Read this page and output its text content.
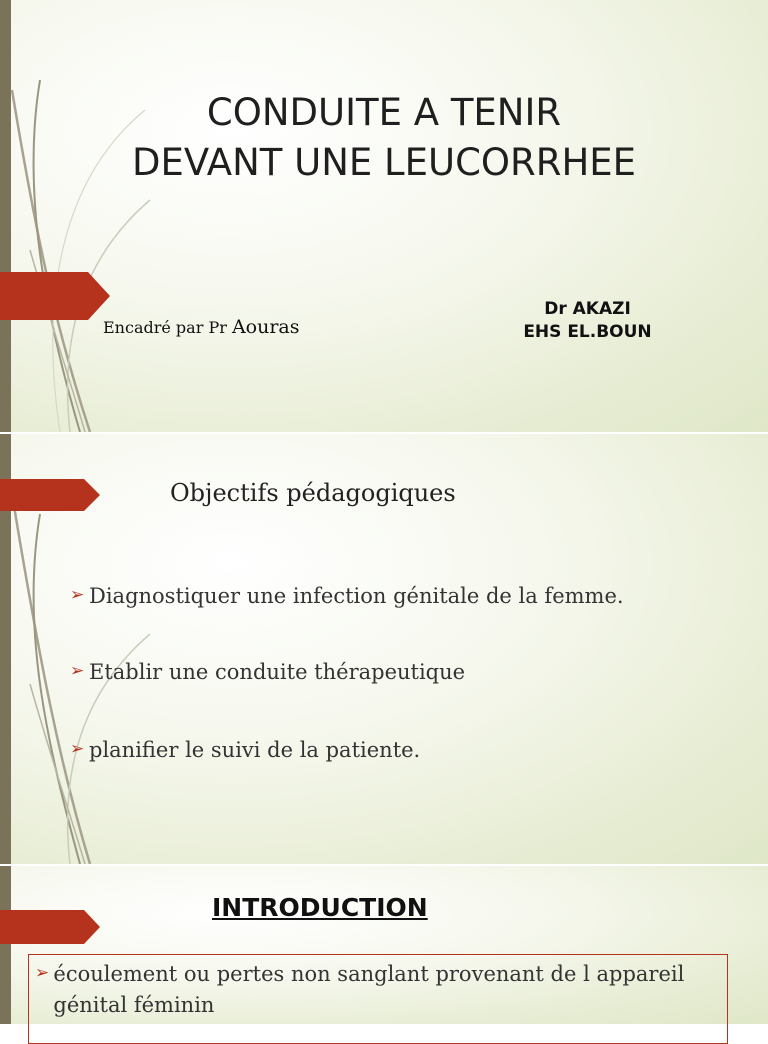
CONDUITE A TENIR
DEVANT UNE LEUCORRHEE
Encadré par Pr Aouras
Dr AKAZI
EHS EL.BOUN
Objectifs pédagogiques
➢ Diagnostiquer une infection génitale de la femme.
➢ Etablir une conduite thérapeutique
➢ planifier le suivi de la patiente.
INTRODUCTION
➢ écoulement ou pertes non sanglant provenant de l appareil génital féminin
